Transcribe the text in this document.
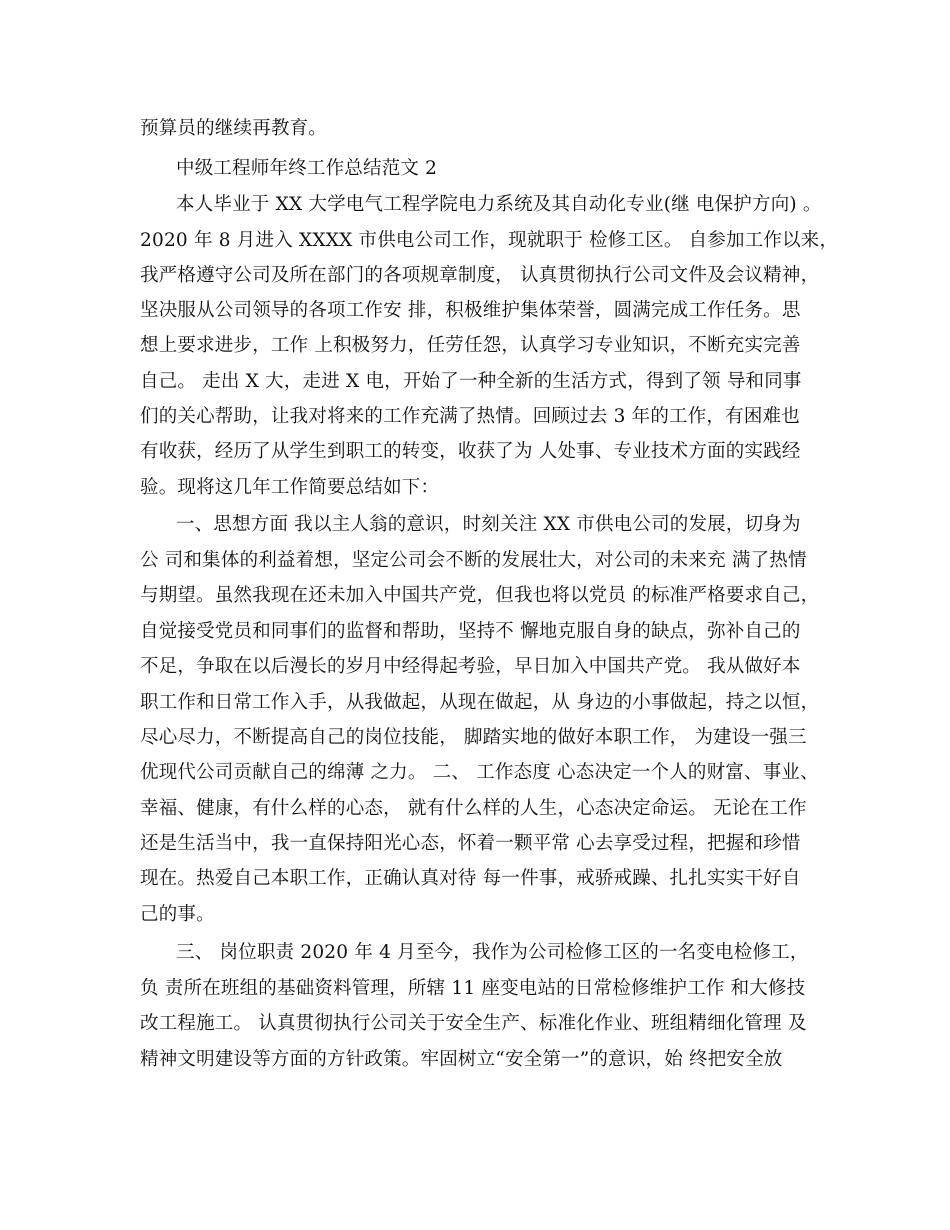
预算员的继续再教育。
中级工程师年终工作总结范文 2
本人毕业于 XX 大学电气工程学院电力系统及其自动化专业(继 电保护方向) 。
2020 年 8 月进入 XXXX 市供电公司工作，现就职于 检修工区。 自参加工作以来，
我严格遵守公司及所在部门的各项规章制度， 认真贯彻执行公司文件及会议精神，
坚决服从公司领导的各项工作安 排，积极维护集体荣誉，圆满完成工作任务。思
想上要求进步，工作 上积极努力，任劳任怨，认真学习专业知识，不断充实完善
自己。 走出 X 大，走进 X 电，开始了一种全新的生活方式，得到了领 导和同事
们的关心帮助，让我对将来的工作充满了热情。回顾过去 3 年的工作，有困难也
有收获，经历了从学生到职工的转变，收获了为 人处事、专业技术方面的实践经
验。现将这几年工作简要总结如下：
一、思想方面 我以主人翁的意识，时刻关注 XX 市供电公司的发展，切身为
公 司和集体的利益着想，坚定公司会不断的发展壮大，对公司的未来充 满了热情
与期望。虽然我现在还未加入中国共产党，但我也将以党员 的标准严格要求自己，
自觉接受党员和同事们的监督和帮助，坚持不 懈地克服自身的缺点，弥补自己的
不足，争取在以后漫长的岁月中经得起考验，早日加入中国共产党。 我从做好本
职工作和日常工作入手，从我做起，从现在做起，从 身边的小事做起，持之以恒，
尽心尽力，不断提高自己的岗位技能， 脚踏实地的做好本职工作， 为建设一强三
优现代公司贡献自己的绵薄 之力。 二、 工作态度 心态决定一个人的财富、事业、
幸福、健康，有什么样的心态， 就有什么样的人生，心态决定命运。 无论在工作
还是生活当中，我一直保持阳光心态，怀着一颗平常 心去享受过程，把握和珍惜
现在。热爱自己本职工作，正确认真对待 每一件事，戒骄戒躁、扎扎实实干好自
己的事。
三、 岗位职责 2020 年 4 月至今，我作为公司检修工区的一名变电检修工，
负 责所在班组的基础资料管理，所辖 11 座变电站的日常检修维护工作 和大修技
改工程施工。 认真贯彻执行公司关于安全生产、标准化作业、班组精细化管理 及
精神文明建设等方面的方针政策。牢固树立“安全第一”的意识，始 终把安全放
